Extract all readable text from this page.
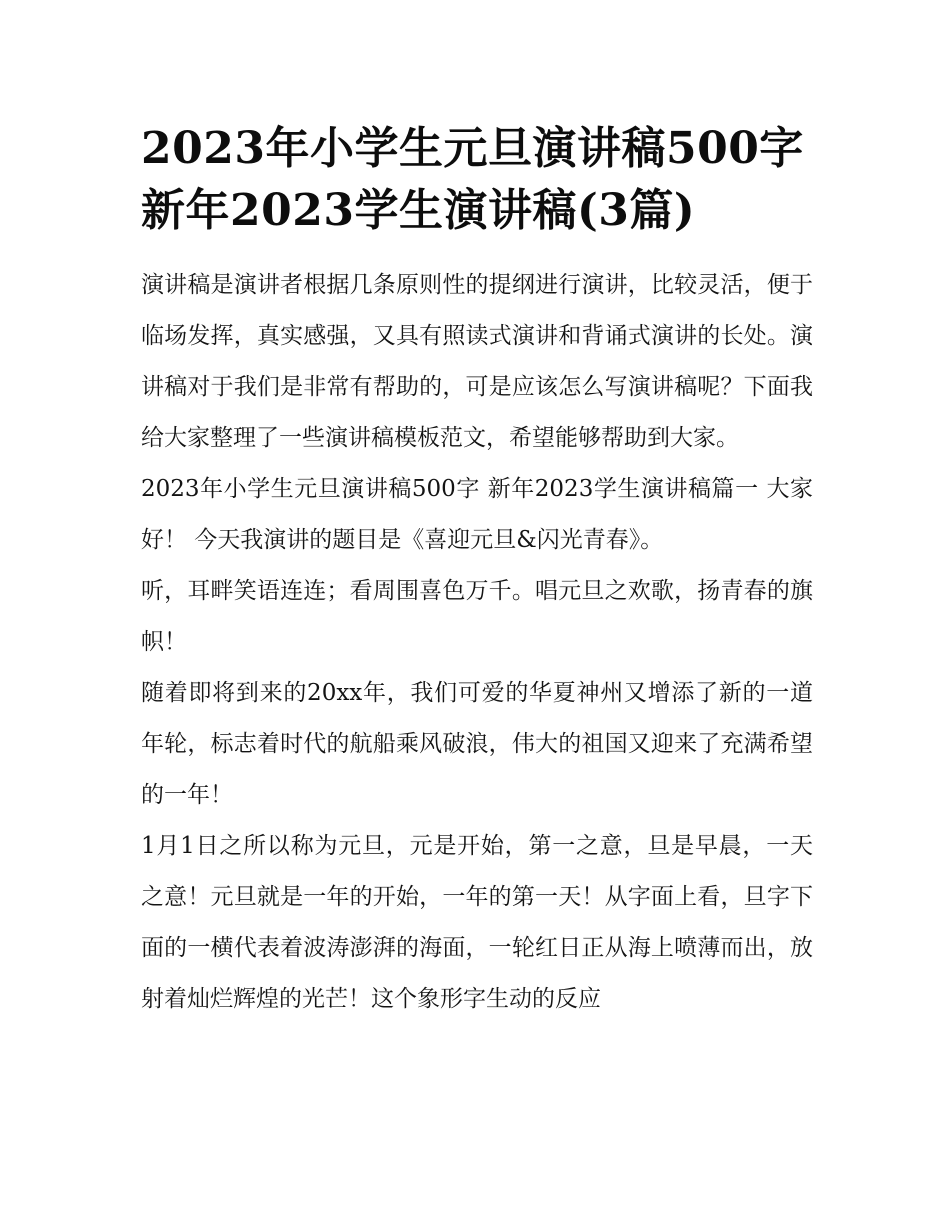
2023年小学生元旦演讲稿500字 新年2023学生演讲稿(3篇)

演讲稿是演讲者根据几条原则性的提纲进行演讲，比较灵活，便于临场发挥，真实感强，又具有照读式演讲和背诵式演讲的长处。演讲稿对于我们是非常有帮助的，可是应该怎么写演讲稿呢？下面我给大家整理了一些演讲稿模板范文，希望能够帮助到大家。

2023年小学生元旦演讲稿500字 新年2023学生演讲稿篇一 大家好！ 今天我演讲的题目是《喜迎元旦&闪光青春》。

听，耳畔笑语连连；看周围喜色万千。唱元旦之欢歌，扬青春的旗帜！

随着即将到来的20xx年，我们可爱的华夏神州又增添了新的一道年轮，标志着时代的航船乘风破浪，伟大的祖国又迎来了充满希望的一年！

1月1日之所以称为元旦，元是开始，第一之意，旦是早晨，一天之意！元旦就是一年的开始，一年的第一天！从字面上看，旦字下面的一横代表着波涛澎湃的海面，一轮红日正从海上喷薄而出，放射着灿烂辉煌的光芒！这个象形字生动的反应
